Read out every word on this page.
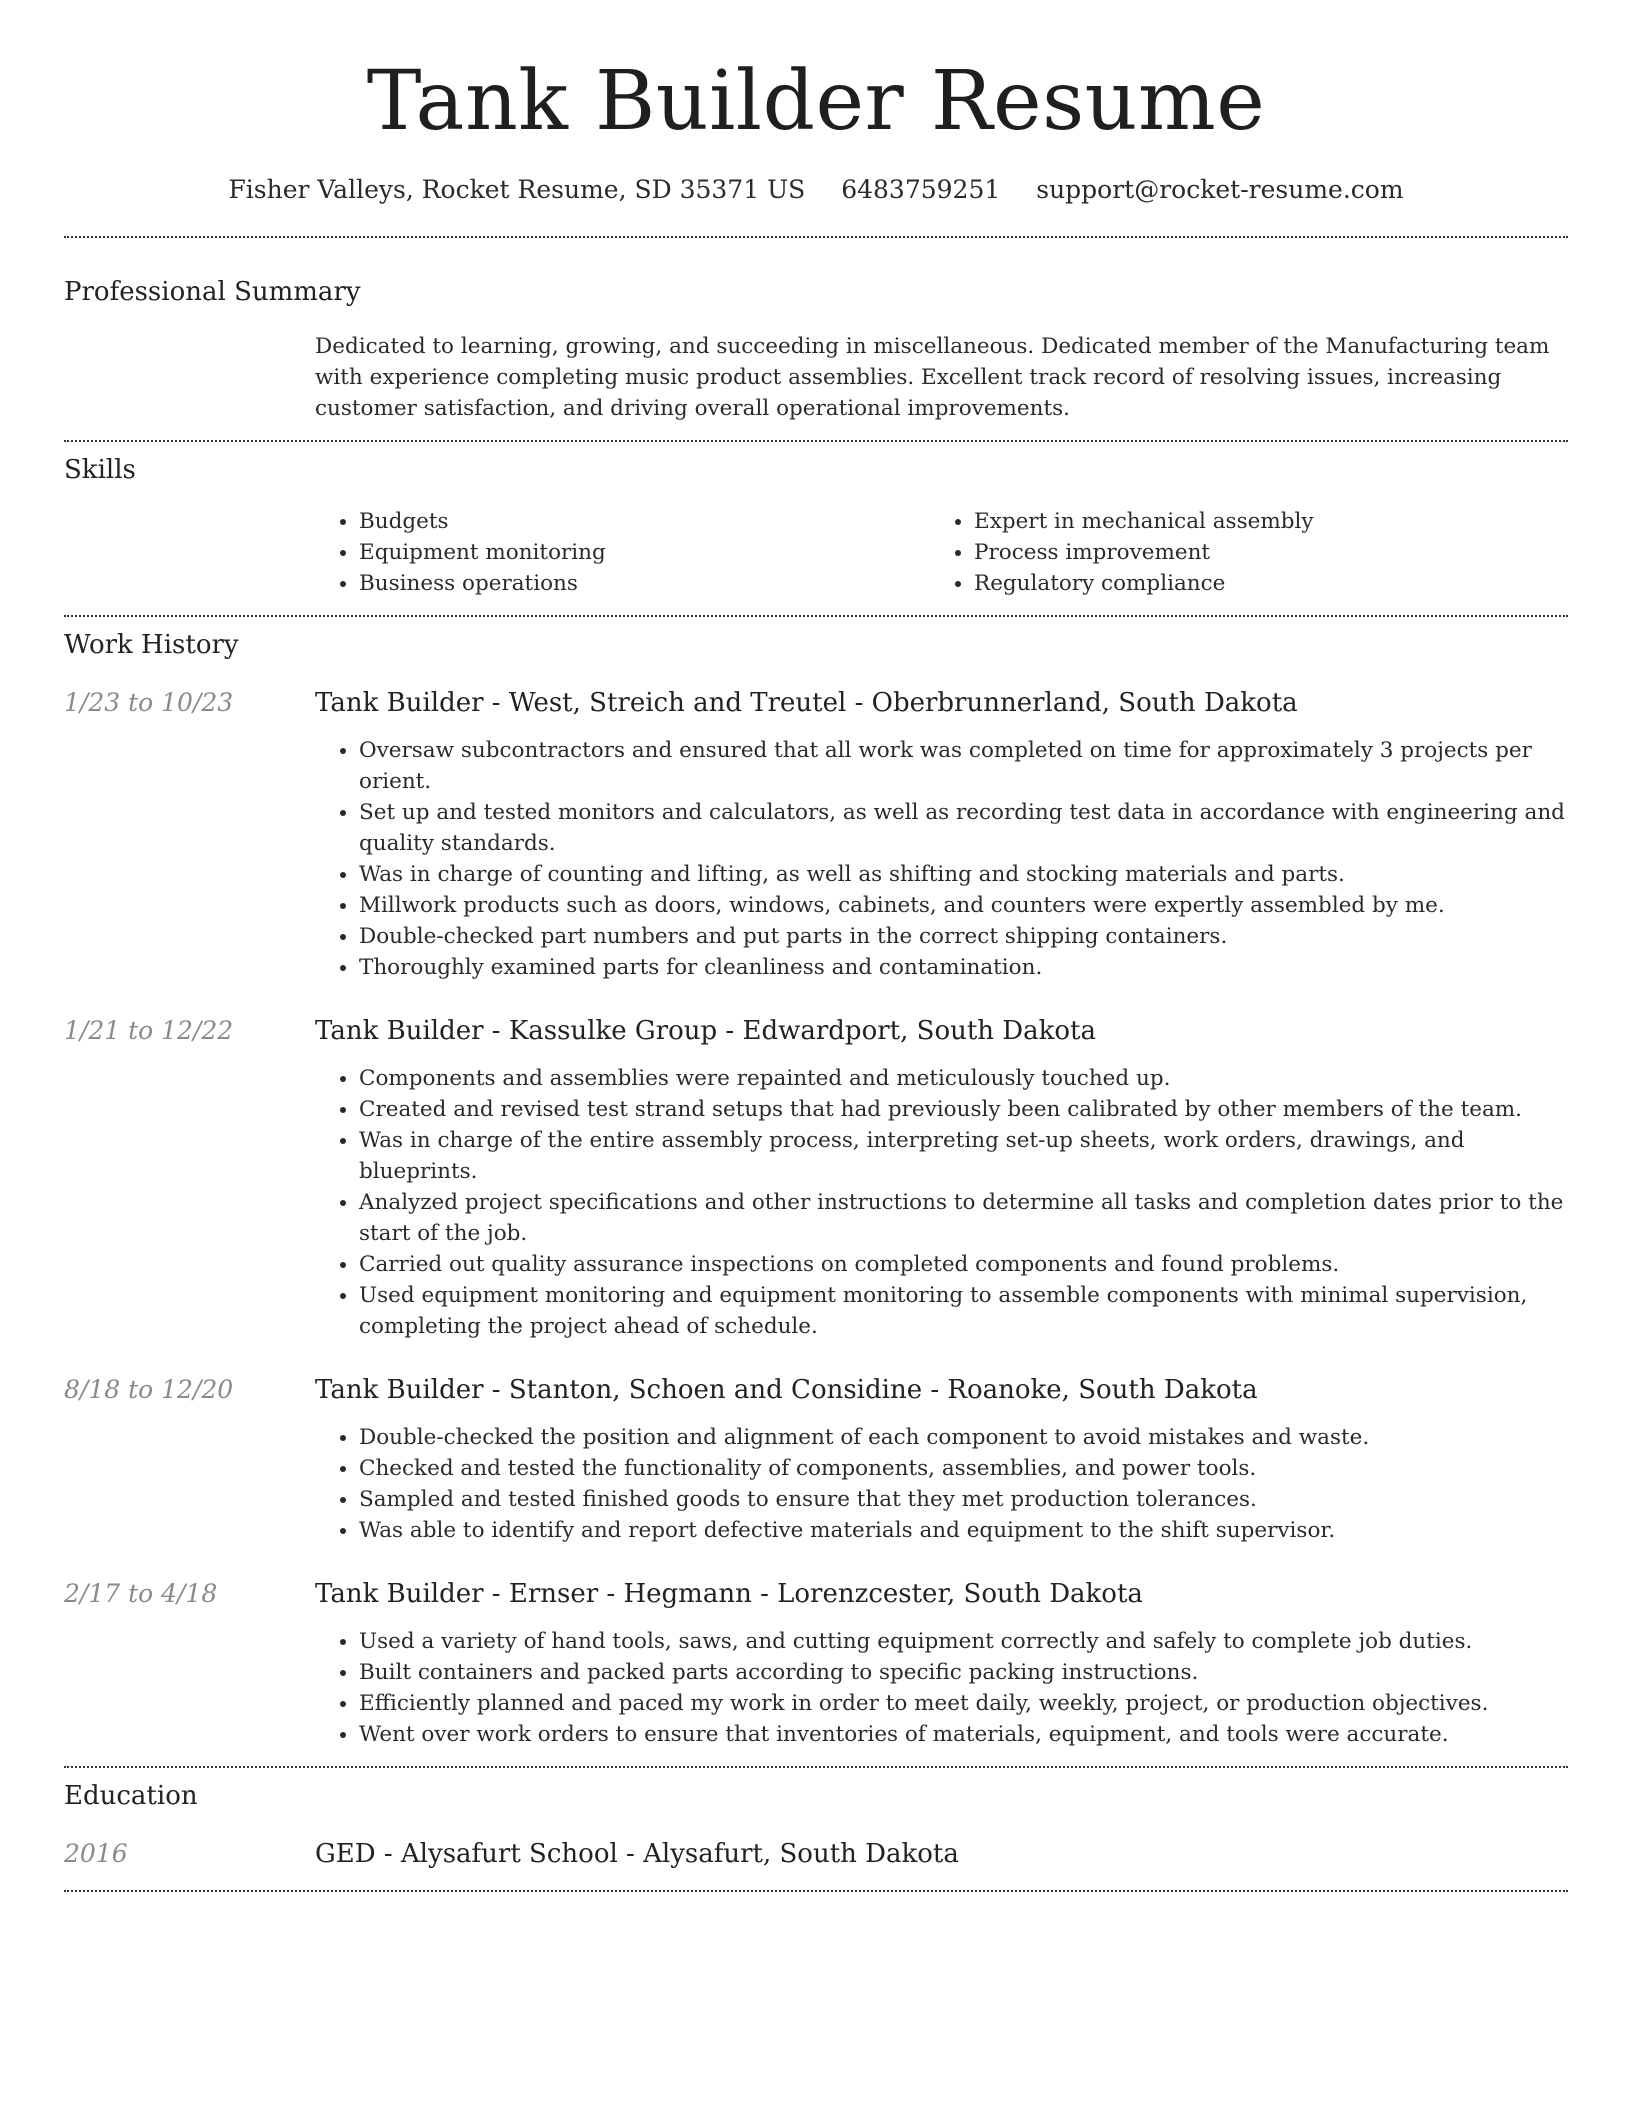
Tank Builder Resume
Fisher Valleys, Rocket Resume, SD 35371 US 6483759251 support@rocket-resume.com
Professional Summary

Dedicated to learning, growing, and succeeding in miscellaneous. Dedicated member of the Manufacturing team with experience completing music product assemblies. Excellent track record of resolving issues, increasing customer satisfaction, and driving overall operational improvements.

Skills
• Budgets
• Equipment monitoring
• Business operations
• Expert in mechanical assembly
• Process improvement
• Regulatory compliance
Work History
1/23 to 10/23	Tank Builder - West, Streich and Treutel - Oberbrunnerland, South Dakota
• Oversaw subcontractors and ensured that all work was completed on time for approximately 3 projects per orient.
• Set up and tested monitors and calculators, as well as recording test data in accordance with engineering and quality standards.
• Was in charge of counting and lifting, as well as shifting and stocking materials and parts.
• Millwork products such as doors, windows, cabinets, and counters were expertly assembled by me.
• Double-checked part numbers and put parts in the correct shipping containers.
• Thoroughly examined parts for cleanliness and contamination.
1/21 to 12/22	Tank Builder - Kassulke Group - Edwardport, South Dakota
• Components and assemblies were repainted and meticulously touched up.
• Created and revised test strand setups that had previously been calibrated by other members of the team.
• Was in charge of the entire assembly process, interpreting set-up sheets, work orders, drawings, and blueprints.
• Analyzed project specifications and other instructions to determine all tasks and completion dates prior to the start of the job.
• Carried out quality assurance inspections on completed components and found problems.
• Used equipment monitoring and equipment monitoring to assemble components with minimal supervision, completing the project ahead of schedule.
8/18 to 12/20	Tank Builder - Stanton, Schoen and Considine - Roanoke, South Dakota
• Double-checked the position and alignment of each component to avoid mistakes and waste.
• Checked and tested the functionality of components, assemblies, and power tools.
• Sampled and tested finished goods to ensure that they met production tolerances.
• Was able to identify and report defective materials and equipment to the shift supervisor.
2/17 to 4/18	Tank Builder - Ernser - Hegmann - Lorenzcester, South Dakota
• Used a variety of hand tools, saws, and cutting equipment correctly and safely to complete job duties.
• Built containers and packed parts according to specific packing instructions.
• Efficiently planned and paced my work in order to meet daily, weekly, project, or production objectives.
• Went over work orders to ensure that inventories of materials, equipment, and tools were accurate.
Education
2016	GED - Alysafurt School - Alysafurt, South Dakota
